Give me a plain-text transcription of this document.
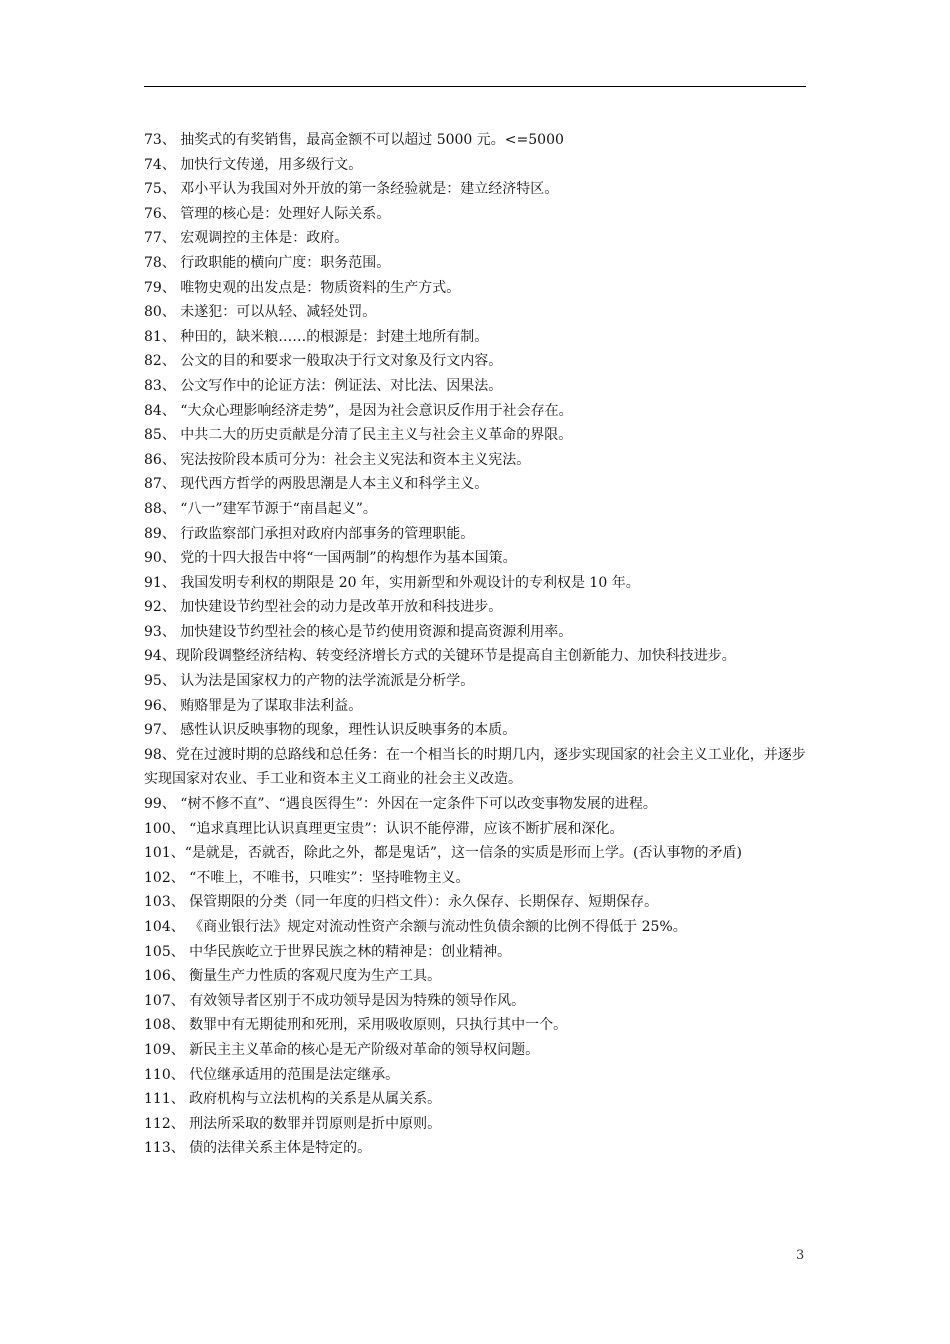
73、 抽奖式的有奖销售，最高金额不可以超过 5000 元。<=5000
74、 加快行文传递，用多级行文。
75、 邓小平认为我国对外开放的第一条经验就是：建立经济特区。
76、 管理的核心是：处理好人际关系。
77、 宏观调控的主体是：政府。
78、 行政职能的横向广度：职务范围。
79、 唯物史观的出发点是：物质资料的生产方式。
80、 未遂犯：可以从轻、减轻处罚。
81、 种田的，缺米粮……的根源是：封建土地所有制。
82、 公文的目的和要求一般取决于行文对象及行文内容。
83、 公文写作中的论证方法：例证法、对比法、因果法。
84、 “大众心理影响经济走势”，是因为社会意识反作用于社会存在。
85、 中共二大的历史贡献是分清了民主主义与社会主义革命的界限。
86、 宪法按阶段本质可分为：社会主义宪法和资本主义宪法。
87、 现代西方哲学的两股思潮是人本主义和科学主义。
88、 “八一”建军节源于“南昌起义”。
89、 行政监察部门承担对政府内部事务的管理职能。
90、 党的十四大报告中将“一国两制”的构想作为基本国策。
91、 我国发明专利权的期限是 20 年，实用新型和外观设计的专利权是 10 年。
92、 加快建设节约型社会的动力是改革开放和科技进步。
93、 加快建设节约型社会的核心是节约使用资源和提高资源利用率。
94、现阶段调整经济结构、转变经济增长方式的关键环节是提高自主创新能力、加快科技进步。
95、 认为法是国家权力的产物的法学流派是分析学。
96、 贿赂罪是为了谋取非法利益。
97、 感性认识反映事物的现象，理性认识反映事务的本质。
98、党在过渡时期的总路线和总任务：在一个相当长的时期几内，逐步实现国家的社会主义工业化，并逐步实现国家对农业、手工业和资本主义工商业的社会主义改造。
99、 “树不修不直”、“遇良医得生”：外因在一定条件下可以改变事物发展的进程。
100、 “追求真理比认识真理更宝贵”：认识不能停滞，应该不断扩展和深化。
101、“是就是，否就否，除此之外，都是鬼话”，这一信条的实质是形而上学。(否认事物的矛盾)
102、 “不唯上，不唯书，只唯实”：坚持唯物主义。
103、 保管期限的分类（同一年度的归档文件）：永久保存、长期保存、短期保存。
104、 《商业银行法》规定对流动性资产余额与流动性负债余额的比例不得低于 25%。
105、 中华民族屹立于世界民族之林的精神是：创业精神。
106、 衡量生产力性质的客观尺度为生产工具。
107、 有效领导者区别于不成功领导是因为特殊的领导作风。
108、 数罪中有无期徒刑和死刑，采用吸收原则，只执行其中一个。
109、 新民主主义革命的核心是无产阶级对革命的领导权问题。
110、 代位继承适用的范围是法定继承。
111、 政府机构与立法机构的关系是从属关系。
112、 刑法所采取的数罪并罚原则是折中原则。
113、 债的法律关系主体是特定的。
3
